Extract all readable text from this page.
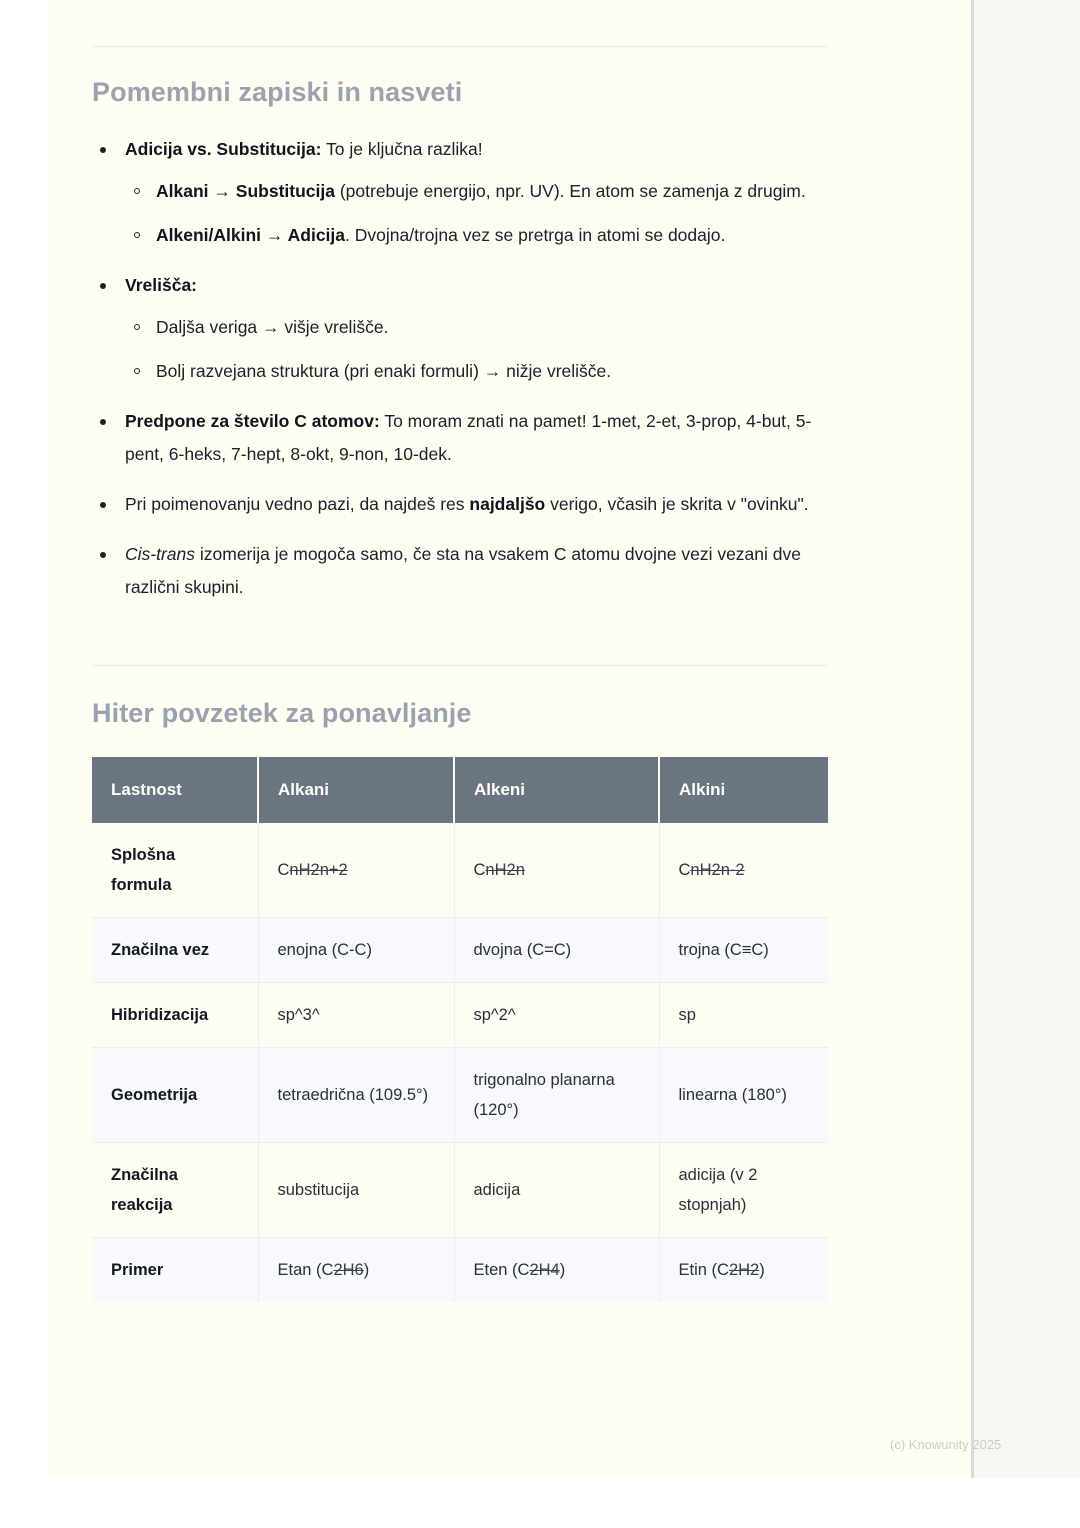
Pomembni zapiski in nasveti
Adicija vs. Substitucija: To je ključna razlika!
Alkani → Substitucija (potrebuje energijo, npr. UV). En atom se zamenja z drugim.
Alkeni/Alkini → Adicija. Dvojna/trojna vez se pretrga in atomi se dodajo.
Vrelišča:
Daljša veriga → višje vrelišče.
Bolj razvejana struktura (pri enaki formuli) → nižje vrelišče.
Predpone za število C atomov: To moram znati na pamet! 1-met, 2-et, 3-prop, 4-but, 5-pent, 6-heks, 7-hept, 8-okt, 9-non, 10-dek.
Pri poimenovanju vedno pazi, da najdeš res najdaljšo verigo, včasih je skrita v "ovinku".
Cis-trans izomerija je mogoča samo, če sta na vsakem C atomu dvojne vezi vezani dve različni skupini.
Hiter povzetek za ponavljanje
Lastnost	Alkani	Alkeni	Alkini
Splošna formula	CnH2n+2	CnH2n	CnH2n-2
Značilna vez	enojna (C-C)	dvojna (C=C)	trojna (C≡C)
Hibridizacija	sp^3^	sp^2^	sp
Geometrija	tetraedrična (109.5°)	trigonalno planarna (120°)	linearna (180°)
Značilna reakcija	substitucija	adicija	adicija (v 2 stopnjah)
Primer	Etan (C2H6)	Eten (C2H4)	Etin (C2H2)
(c) Knowunity 2025
